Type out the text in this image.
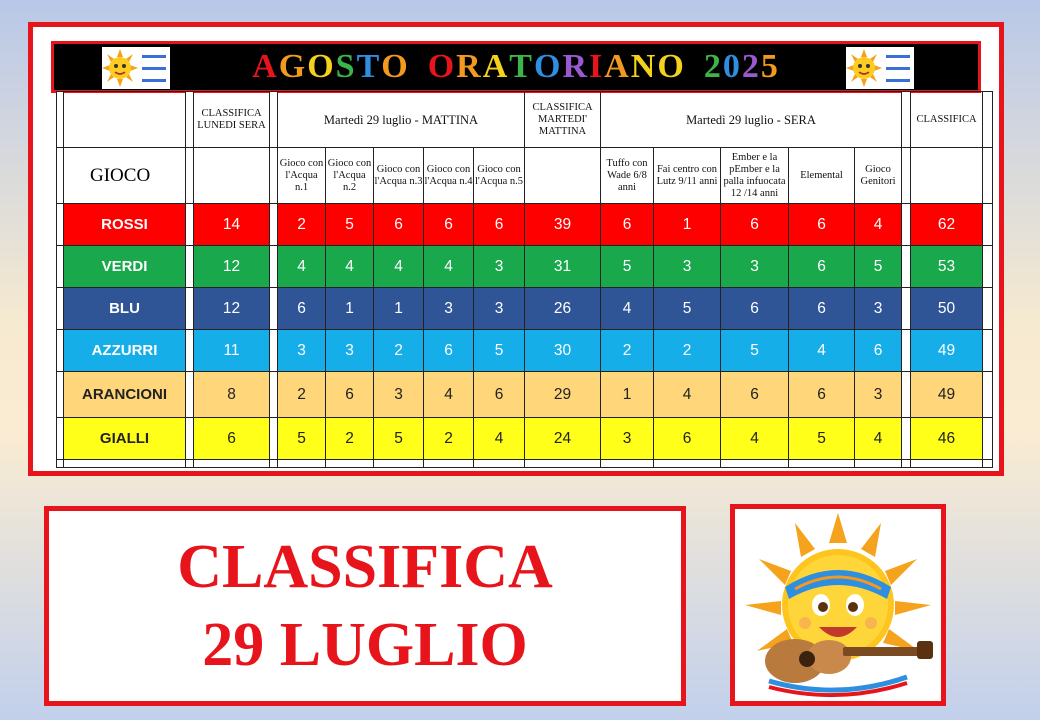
A G O S T O O R A T O R I A N O 2 0 2 5
			CLASSIFICA LUNEDI SERA		Martedì 29 luglio - MATTINA					CLASSIFICA MARTEDI' MATTINA	Martedì 29 luglio - SERA						CLASSIFICA	
	GIOCO				Gioco con l'Acqua n.1	Gioco con l'Acqua n.2	Gioco con l'Acqua n.3	Gioco con l'Acqua n.4	Gioco con l'Acqua n.5		Tuffo con Wade 6/8 anni	Fai centro con Lutz 9/11 anni	Ember e la pEmber e la palla infuocata 12 /14 anni	Elemental	Gioco Genitori			
	ROSSI		14		2	5	6	6	6	39	6	1	6	6	4		62	
	VERDI		12		4	4	4	4	3	31	5	3	3	6	5		53	
	BLU		12		6	1	1	3	3	26	4	5	6	6	3		50	
	AZZURRI		11		3	3	2	6	5	30	2	2	5	4	6		49	
	ARANCIONI		8		2	6	3	4	6	29	1	4	6	6	3		49	
	GIALLI		6		5	2	5	2	4	24	3	6	4	5	4		46	

CLASSIFICA
29 LUGLIO
